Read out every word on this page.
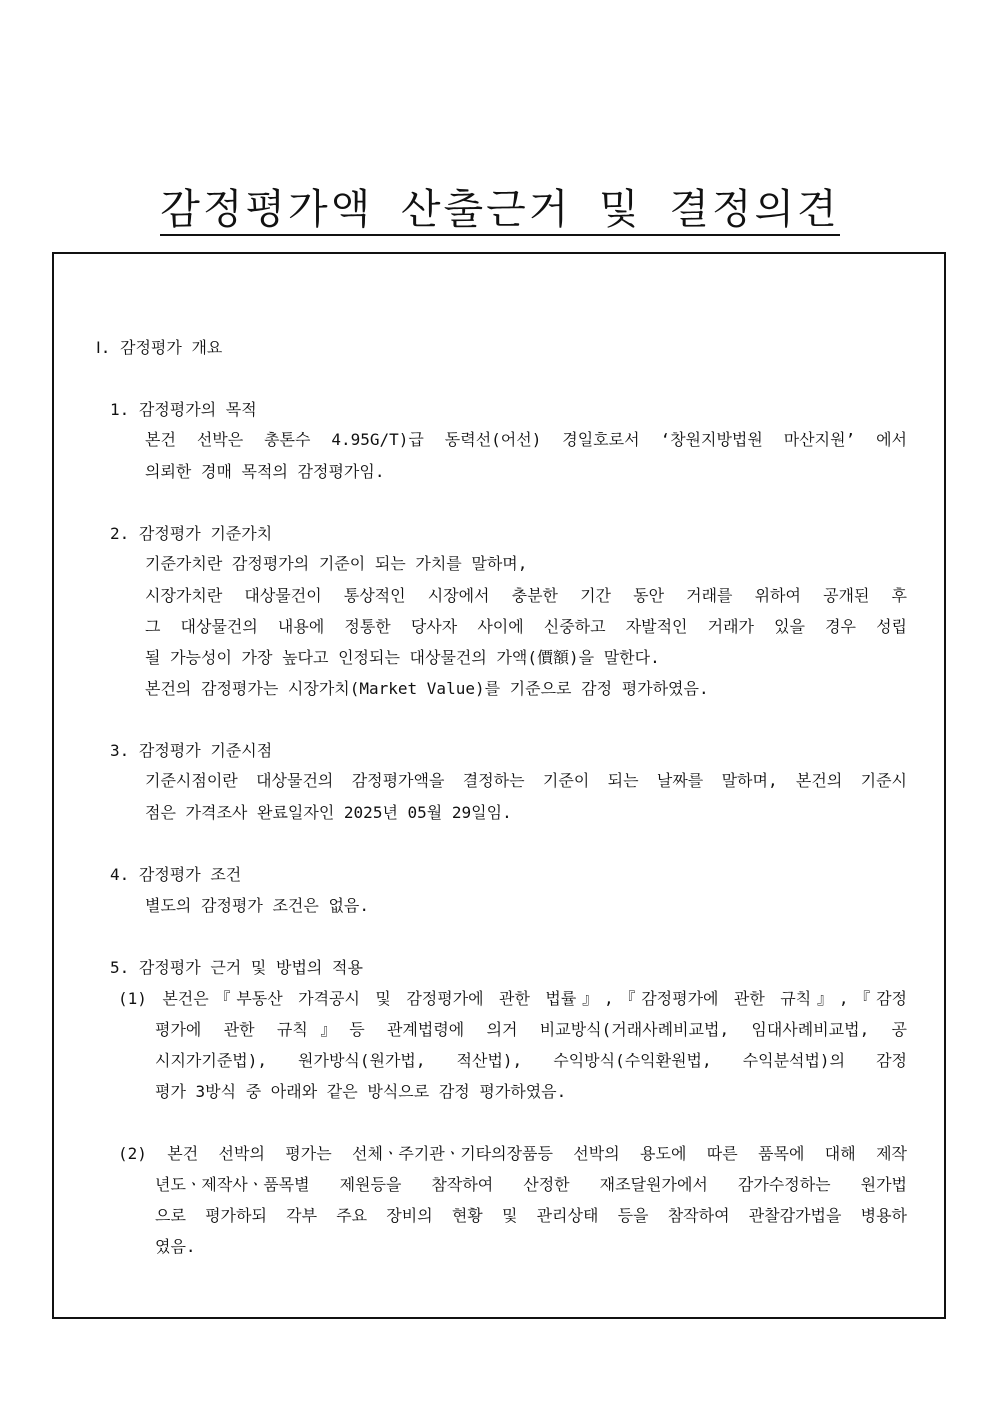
감정평가액 산출근거 및 결정의견
Ⅰ. 감정평가 개요
1. 감정평가의 목적
본건 선박은 총톤수 4.95G/T)급 동력선(어선) 경일호로서 ‘창원지방법원 마산지원’ 에서
의뢰한 경매 목적의 감정평가임.
2. 감정평가 기준가치
기준가치란 감정평가의 기준이 되는 가치를 말하며,
시장가치란 대상물건이 통상적인 시장에서 충분한 기간 동안 거래를 위하여 공개된 후
그 대상물건의 내용에 정통한 당사자 사이에 신중하고 자발적인 거래가 있을 경우 성립
될 가능성이 가장 높다고 인정되는 대상물건의 가액(價額)을 말한다.
본건의 감정평가는 시장가치(Market Value)를 기준으로 감정 평가하였음.
3. 감정평가 기준시점
기준시점이란 대상물건의 감정평가액을 결정하는 기준이 되는 날짜를 말하며, 본건의 기준시
점은 가격조사 완료일자인 2025년 05월 29일임.
4. 감정평가 조건
별도의 감정평가 조건은 없음.
5. 감정평가 근거 및 방법의 적용
(1) 본건은『부동산 가격공시 및 감정평가에 관한 법률』,『감정평가에 관한 규칙』,『감정
평가에 관한 규칙』등 관계법령에 의거 비교방식(거래사례비교법, 임대사례비교법, 공
시지가기준법), 원가방식(원가법, 적산법), 수익방식(수익환원법, 수익분석법)의 감정
평가 3방식 중 아래와 같은 방식으로 감정 평가하였음.
(2) 본건 선박의 평가는 선체ㆍ주기관ㆍ기타의장품등 선박의 용도에 따른 품목에 대해 제작
년도ㆍ제작사ㆍ품목별 제원등을 참작하여 산정한 재조달원가에서 감가수정하는 원가법
으로 평가하되 각부 주요 장비의 현황 및 관리상태 등을 참작하여 관찰감가법을 병용하
였음.
